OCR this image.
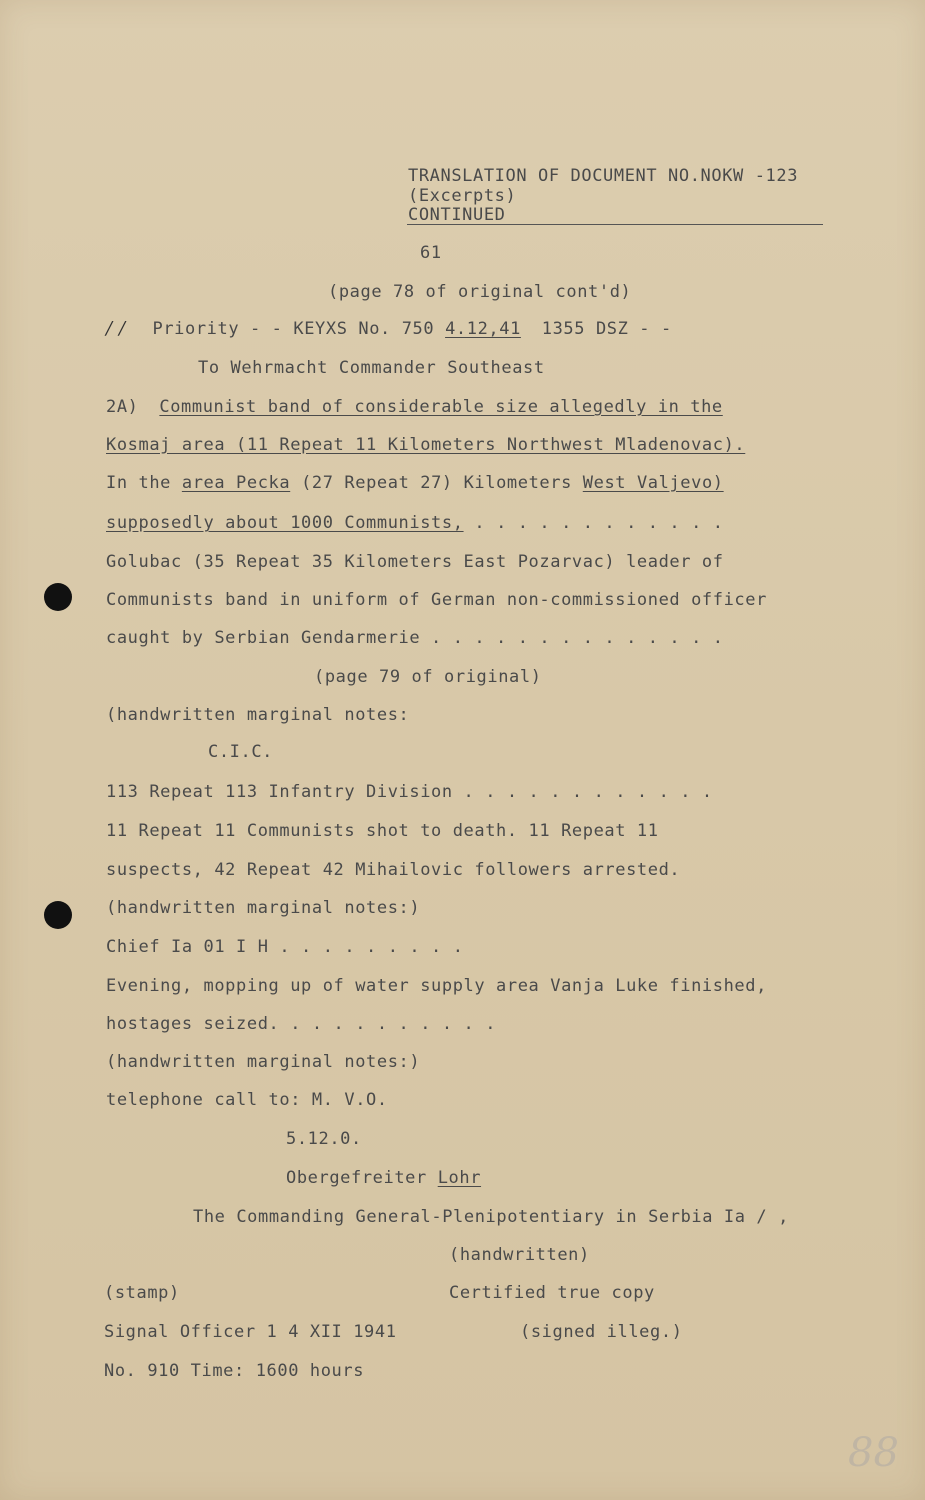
TRANSLATION OF DOCUMENT NO.NOKW -123
(Excerpts)
CONTINUED
61
(page 78 of original cont'd)
/ / Priority - - KEYXS No. 750 4.12,41 1355 DSZ - -
To Wehrmacht Commander Southeast
2A) Communist band of considerable size allegedly in the
Kosmaj area (11 Repeat 11 Kilometers Northwest Mladenovac).
In the area Pecka (27 Repeat 27) Kilometers West Valjevo)
supposedly about 1000 Communists, . . . . . . . . . . . .
Golubac (35 Repeat 35 Kilometers East Pozarvac) leader of
Communists band in uniform of German non-commissioned officer
caught by Serbian Gendarmerie . . . . . . . . . . . . . .
(page 79 of original)
(handwritten marginal notes:
C.I.C.
113 Repeat 113 Infantry Division . . . . . . . . . . . .
11 Repeat 11 Communists shot to death. 11 Repeat 11
suspects, 42 Repeat 42 Mihailovic followers arrested.
(handwritten marginal notes:)
Chief Ia 01 I H . . . . . . . . .
Evening, mopping up of water supply area Vanja Luke finished,
hostages seized. . . . . . . . . . .
(handwritten marginal notes:)
telephone call to: M. V.O.
5.12.0.
Obergefreiter Lohr
The Commanding General-Plenipotentiary in Serbia Ia / ,
(handwritten)
(stamp)	Certified true copy
Signal Officer 1 4 XII 1941	(signed illeg.)
No. 910 Time: 1600 hours
88
